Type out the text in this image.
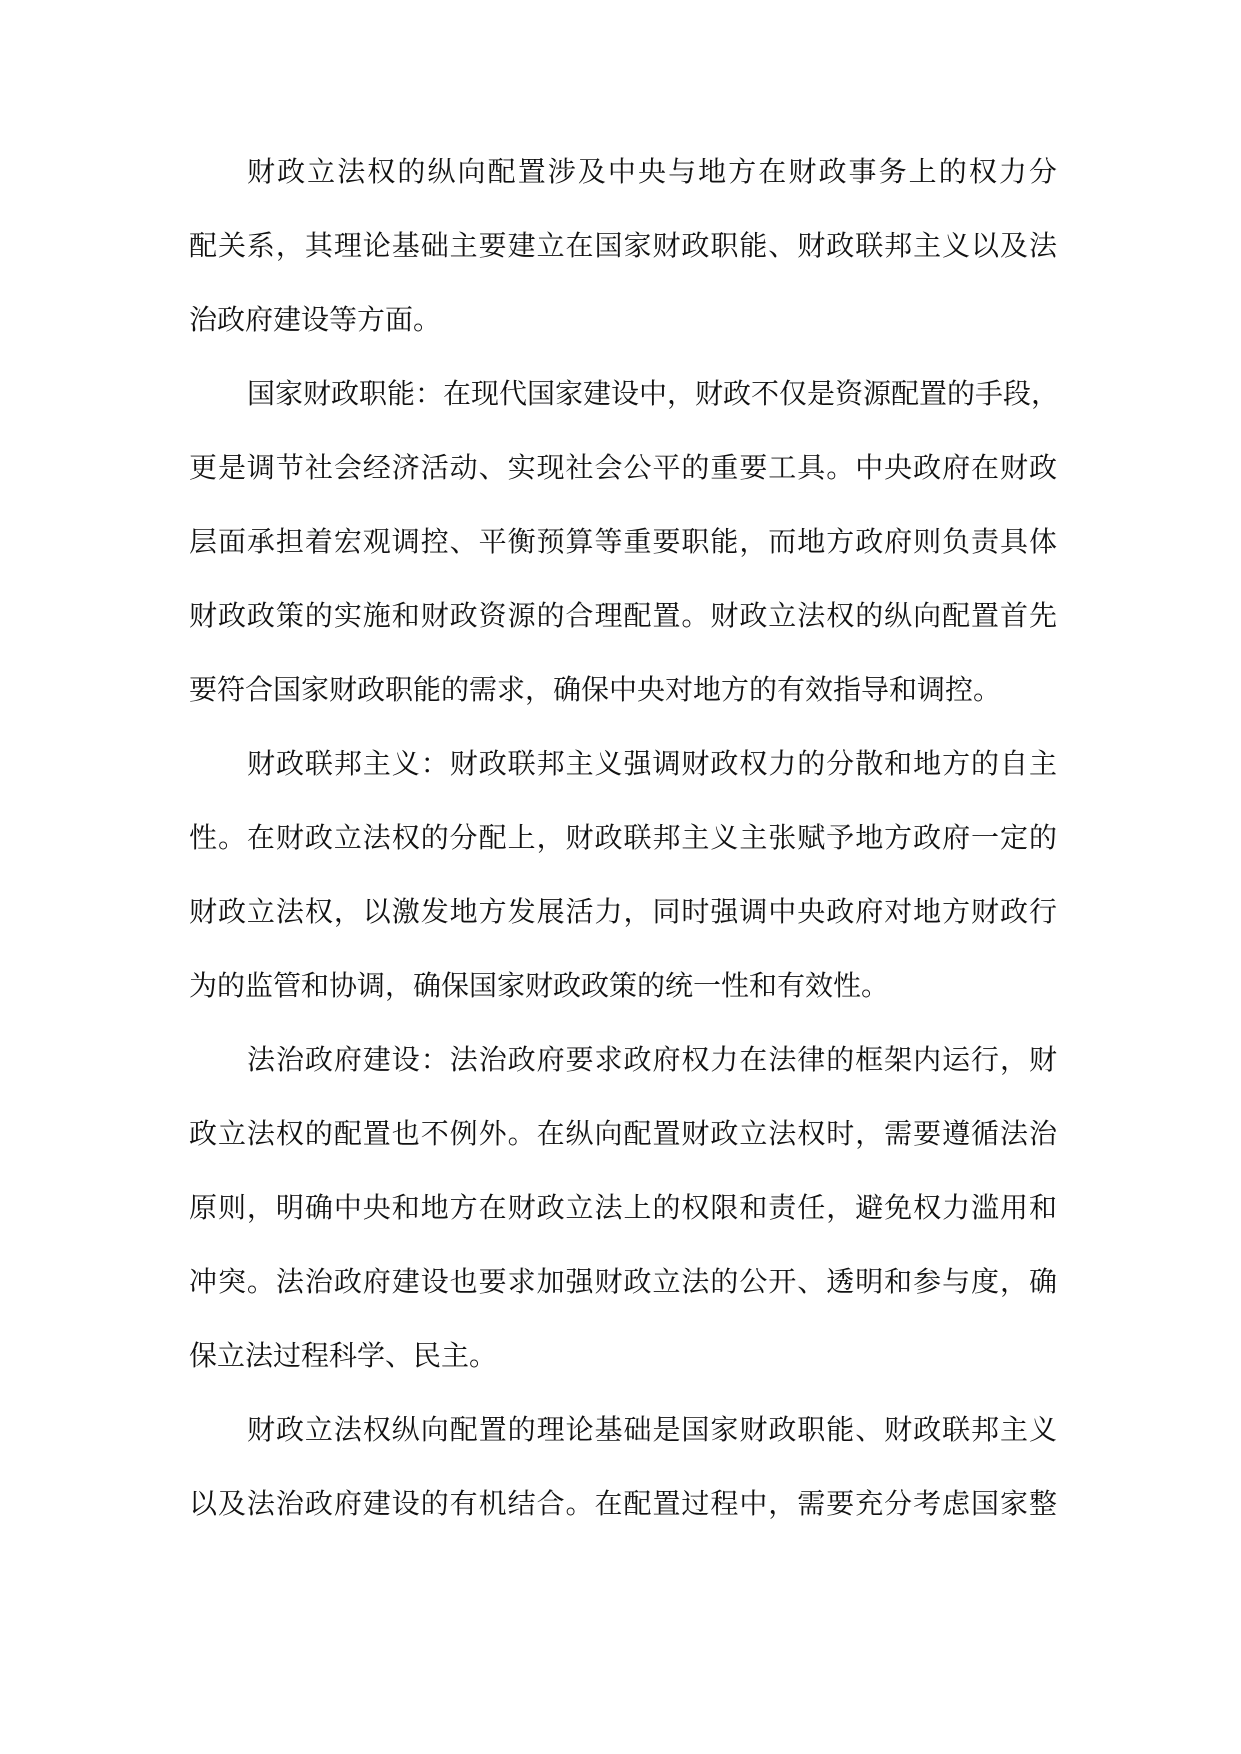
财政立法权的纵向配置涉及中央与地方在财政事务上的权力分
配关系，其理论基础主要建立在国家财政职能、财政联邦主义以及法
治政府建设等方面。
国家财政职能：在现代国家建设中，财政不仅是资源配置的手段，
更是调节社会经济活动、实现社会公平的重要工具。中央政府在财政
层面承担着宏观调控、平衡预算等重要职能，而地方政府则负责具体
财政政策的实施和财政资源的合理配置。财政立法权的纵向配置首先
要符合国家财政职能的需求，确保中央对地方的有效指导和调控。
财政联邦主义：财政联邦主义强调财政权力的分散和地方的自主
性。在财政立法权的分配上，财政联邦主义主张赋予地方政府一定的
财政立法权，以激发地方发展活力，同时强调中央政府对地方财政行
为的监管和协调，确保国家财政政策的统一性和有效性。
法治政府建设：法治政府要求政府权力在法律的框架内运行，财
政立法权的配置也不例外。在纵向配置财政立法权时，需要遵循法治
原则，明确中央和地方在财政立法上的权限和责任，避免权力滥用和
冲突。法治政府建设也要求加强财政立法的公开、透明和参与度，确
保立法过程科学、民主。
财政立法权纵向配置的理论基础是国家财政职能、财政联邦主义
以及法治政府建设的有机结合。在配置过程中，需要充分考虑国家整
